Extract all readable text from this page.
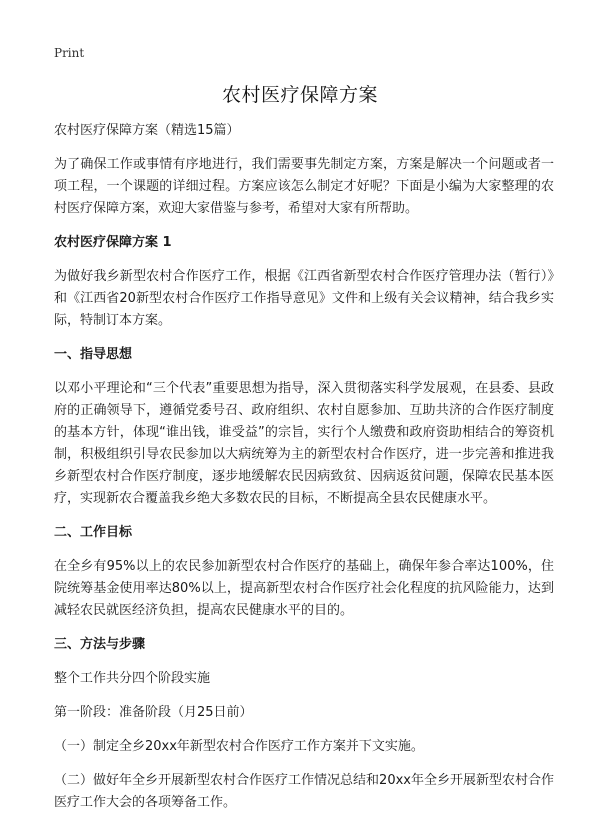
Print
农村医疗保障方案

农村医疗保障方案（精选15篇）

为了确保工作或事情有序地进行，我们需要事先制定方案，方案是解决一个问题或者一项工程，一个课题的详细过程。方案应该怎么制定才好呢？下面是小编为大家整理的农村医疗保障方案，欢迎大家借鉴与参考，希望对大家有所帮助。

农村医疗保障方案 1

为做好我乡新型农村合作医疗工作，根据《江西省新型农村合作医疗管理办法（暂行）》和《江西省20新型农村合作医疗工作指导意见》文件和上级有关会议精神，结合我乡实际，特制订本方案。

一、指导思想

以邓小平理论和“三个代表”重要思想为指导，深入贯彻落实科学发展观，在县委、县政府的正确领导下，遵循党委号召、政府组织、农村自愿参加、互助共济的合作医疗制度的基本方针，体现“谁出钱，谁受益”的宗旨，实行个人缴费和政府资助相结合的筹资机制，积极组织引导农民参加以大病统筹为主的新型农村合作医疗，进一步完善和推进我乡新型农村合作医疗制度，逐步地缓解农民因病致贫、因病返贫问题，保障农民基本医疗，实现新农合覆盖我乡绝大多数农民的目标，不断提高全县农民健康水平。

二、工作目标

在全乡有95%以上的农民参加新型农村合作医疗的基础上，确保年参合率达100%，住院统筹基金使用率达80%以上，提高新型农村合作医疗社会化程度的抗风险能力，达到减轻农民就医经济负担，提高农民健康水平的目的。

三、方法与步骤

整个工作共分四个阶段实施

第一阶段：准备阶段（月25日前）

（一）制定全乡20xx年新型农村合作医疗工作方案并下文实施。

（二）做好年全乡开展新型农村合作医疗工作情况总结和20xx年全乡开展新型农村合作医疗工作大会的各项筹备工作。
